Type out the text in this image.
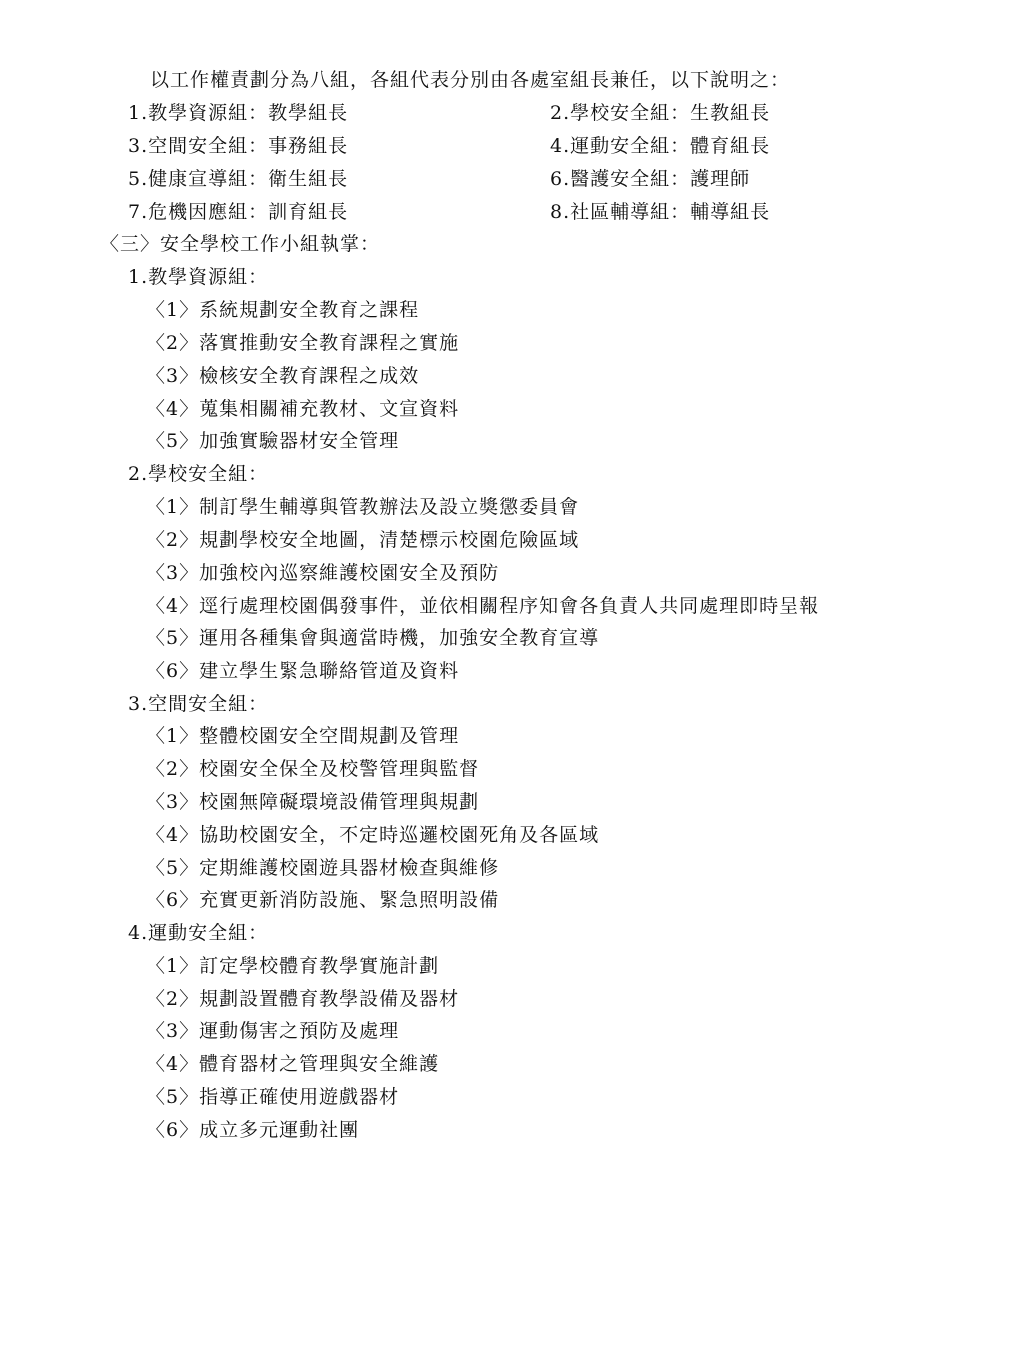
以工作權責劃分為八組，各組代表分別由各處室組長兼任，以下說明之：
1.教學資源組：教學組長	2.學校安全組：生教組長
3.空間安全組：事務組長	4.運動安全組：體育組長
5.健康宣導組：衛生組長	6.醫護安全組：護理師
7.危機因應組：訓育組長	8.社區輔導組：輔導組長
〈三〉安全學校工作小組執掌：
1.教學資源組：
〈1〉系統規劃安全教育之課程
〈2〉落實推動安全教育課程之實施
〈3〉檢核安全教育課程之成效
〈4〉蒐集相關補充教材、文宣資料
〈5〉加強實驗器材安全管理
2.學校安全組：
〈1〉制訂學生輔導與管教辦法及設立獎懲委員會
〈2〉規劃學校安全地圖，清楚標示校園危險區域
〈3〉加強校內巡察維護校園安全及預防
〈4〉逕行處理校園偶發事件，並依相關程序知會各負責人共同處理即時呈報
〈5〉運用各種集會與適當時機，加強安全教育宣導
〈6〉建立學生緊急聯絡管道及資料
3.空間安全組：
〈1〉整體校園安全空間規劃及管理
〈2〉校園安全保全及校警管理與監督
〈3〉校園無障礙環境設備管理與規劃
〈4〉協助校園安全，不定時巡邏校園死角及各區域
〈5〉定期維護校園遊具器材檢查與維修
〈6〉充實更新消防設施、緊急照明設備
4.運動安全組：
〈1〉訂定學校體育教學實施計劃
〈2〉規劃設置體育教學設備及器材
〈3〉運動傷害之預防及處理
〈4〉體育器材之管理與安全維護
〈5〉指導正確使用遊戲器材
〈6〉成立多元運動社團
